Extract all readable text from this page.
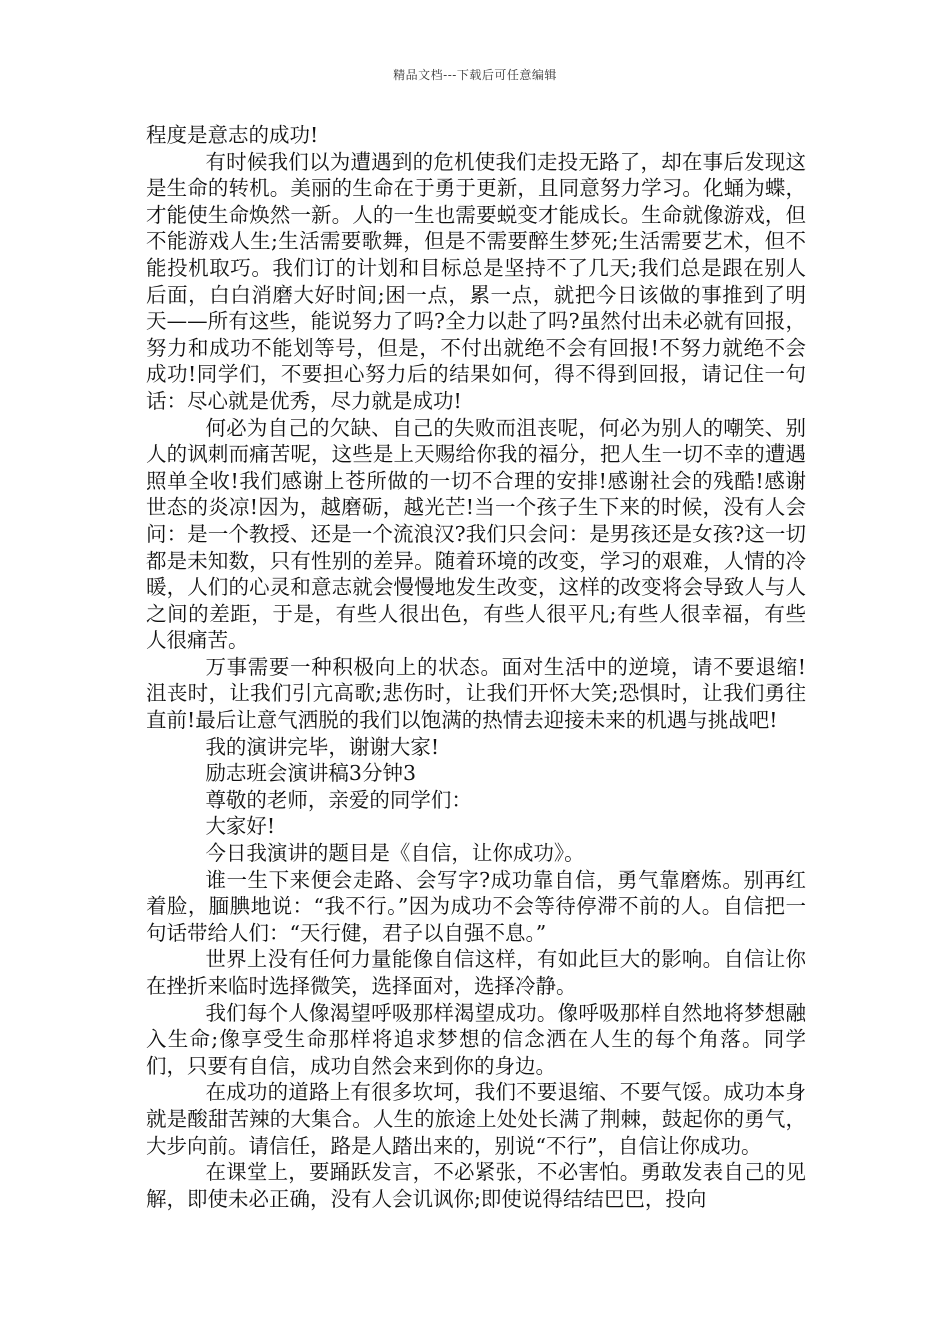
精品文档---下载后可任意编辑

程度是意志的成功!

有时候我们以为遭遇到的危机使我们走投无路了，却在事后发现这是生命的转机。美丽的生命在于勇于更新，且同意努力学习。化蛹为蝶，才能使生命焕然一新。人的一生也需要蜕变才能成长。生命就像游戏，但不能游戏人生;生活需要歌舞，但是不需要醉生梦死;生活需要艺术，但不能投机取巧。我们订的计划和目标总是坚持不了几天;我们总是跟在别人后面，白白消磨大好时间;困一点，累一点，就把今日该做的事推到了明天——所有这些，能说努力了吗?全力以赴了吗?虽然付出未必就有回报，努力和成功不能划等号，但是，不付出就绝不会有回报!不努力就绝不会成功!同学们，不要担心努力后的结果如何，得不得到回报，请记住一句话：尽心就是优秀，尽力就是成功!

何必为自己的欠缺、自己的失败而沮丧呢，何必为别人的嘲笑、别人的讽刺而痛苦呢，这些是上天赐给你我的福分，把人生一切不幸的遭遇照单全收!我们感谢上苍所做的一切不合理的安排!感谢社会的残酷!感谢世态的炎凉!因为，越磨砺，越光芒!当一个孩子生下来的时候，没有人会问：是一个教授、还是一个流浪汉?我们只会问：是男孩还是女孩?这一切都是未知数，只有性别的差异。随着环境的改变，学习的艰难，人情的冷暖，人们的心灵和意志就会慢慢地发生改变，这样的改变将会导致人与人之间的差距，于是，有些人很出色，有些人很平凡;有些人很幸福，有些人很痛苦。

万事需要一种积极向上的状态。面对生活中的逆境，请不要退缩!沮丧时，让我们引亢高歌;悲伤时，让我们开怀大笑;恐惧时，让我们勇往直前!最后让意气洒脱的我们以饱满的热情去迎接未来的机遇与挑战吧!

我的演讲完毕，谢谢大家!

励志班会演讲稿3分钟3

尊敬的老师，亲爱的同学们：

大家好!

今日我演讲的题目是《自信，让你成功》。

谁一生下来便会走路、会写字?成功靠自信，勇气靠磨炼。别再红着脸，腼腆地说：“我不行。”因为成功不会等待停滞不前的人。自信把一句话带给人们：“天行健，君子以自强不息。”

世界上没有任何力量能像自信这样，有如此巨大的影响。自信让你在挫折来临时选择微笑，选择面对，选择冷静。

我们每个人像渴望呼吸那样渴望成功。像呼吸那样自然地将梦想融入生命;像享受生命那样将追求梦想的信念洒在人生的每个角落。同学们，只要有自信，成功自然会来到你的身边。

在成功的道路上有很多坎坷，我们不要退缩、不要气馁。成功本身就是酸甜苦辣的大集合。人生的旅途上处处长满了荆棘，鼓起你的勇气，大步向前。请信任，路是人踏出来的，别说“不行”，自信让你成功。

在课堂上，要踊跃发言，不必紧张，不必害怕。勇敢发表自己的见解，即使未必正确，没有人会讥讽你;即使说得结结巴巴，投向
